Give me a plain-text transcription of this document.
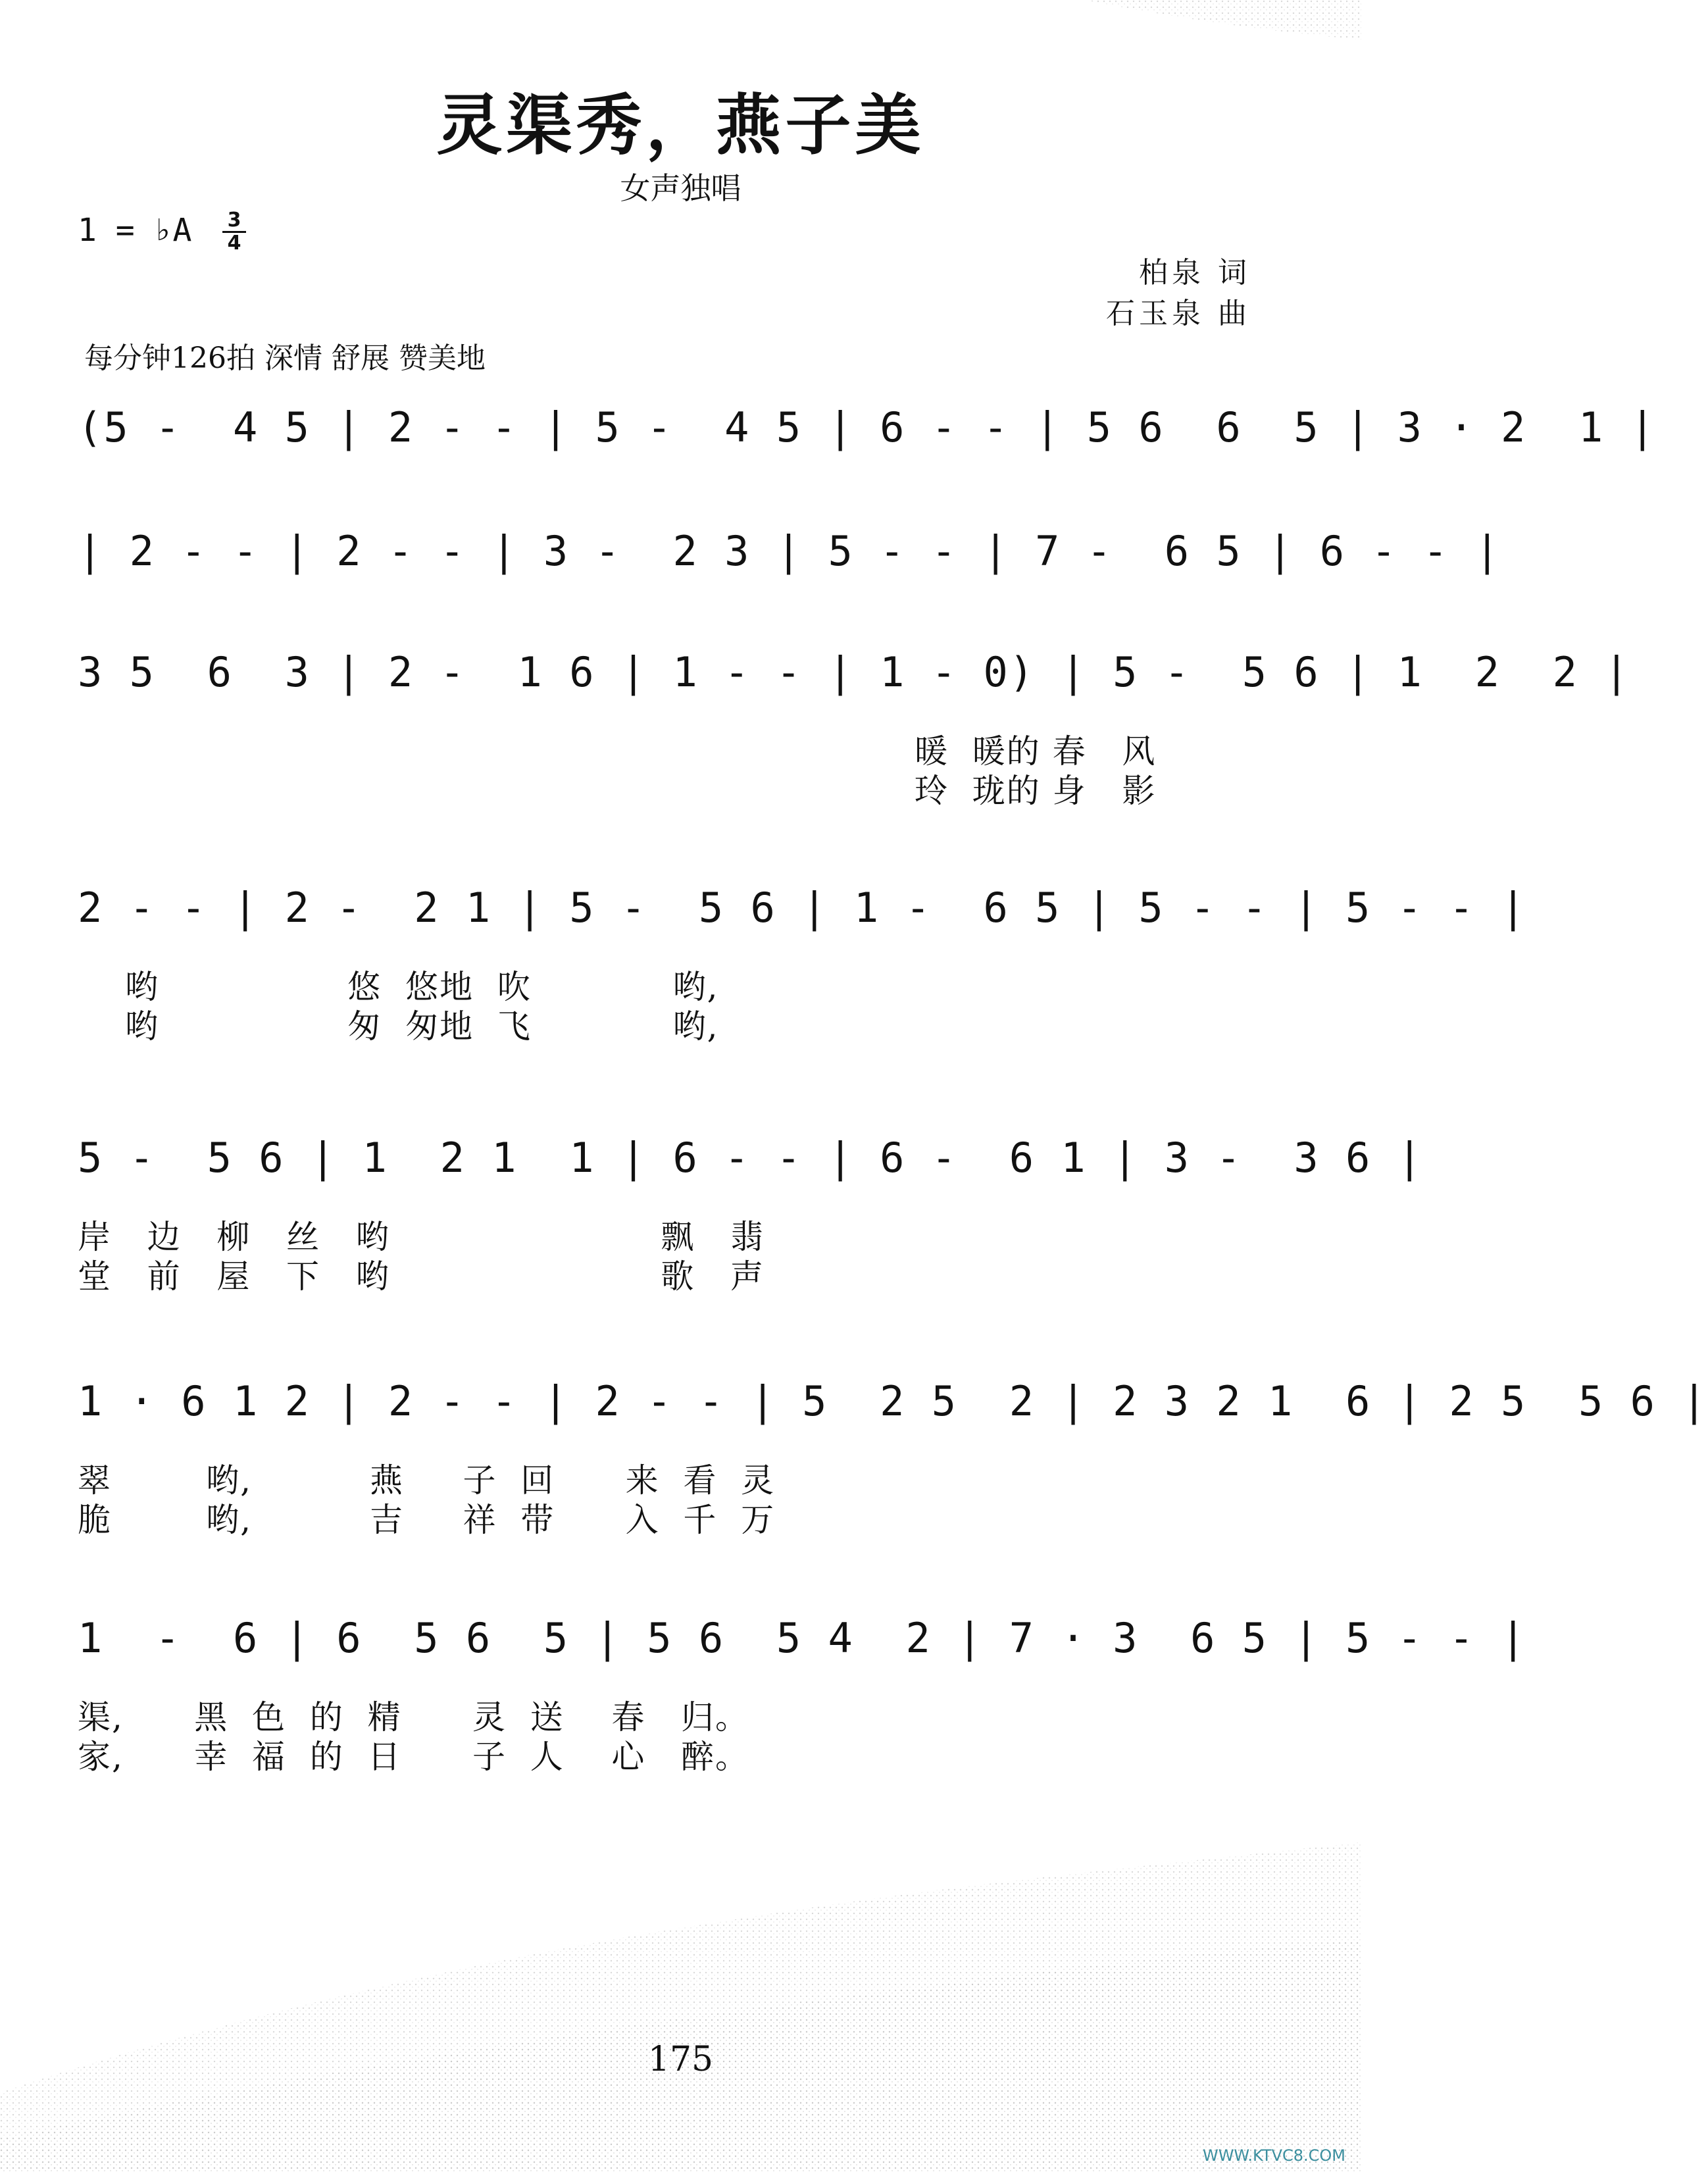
灵渠秀，燕子美
女声独唱
1 = ♭A 3
4
柏泉 词
石玉泉 曲
每分钟126拍 深情 舒展 赞美地
(5 -  4 5 | 2 - - | 5 -  4 5 | 6 - - | 5 6  6  5 | 3 · 2  1 |
| 2 - - | 2 - - | 3 -  2 3 | 5 - - | 7 -  6 5 | 6 - - |
3 5  6  3 | 2 -  1 6 | 1 - - | 1 - 0) | 5 -  5 6 | 1  2  2 |
暖  暖的 春   风
玲  珑的 身   影
2 - - | 2 -  2 1 | 5 -  5 6 | 1 -  6 5 | 5 - - | 5 - - |
哟                悠  悠地  吹            哟,
哟                匆  匆地  飞            哟,
5 -  5 6 | 1  2 1  1 | 6 - - | 6 -  6 1 | 3 -  3 6 |
岸   边   柳   丝   哟                       飘   翡
堂   前   屋   下   哟                       歌   声
1 · 6 1 2 | 2 - - | 2 - - | 5  2 5  2 | 2 3 2 1  6 | 2 5  5 6 |
翠        哟,          燕     子  回      来  看  灵
脆        哟,          吉     祥  带      入  千  万
1  -  6 | 6  5 6  5 | 5 6  5 4  2 | 7 · 3  6 5 | 5 - - |
渠,      黑  色  的  精      灵  送    春   归。
家,      幸  福  的  日      子  人    心   醉。
175
WWW.KTVC8.COM
